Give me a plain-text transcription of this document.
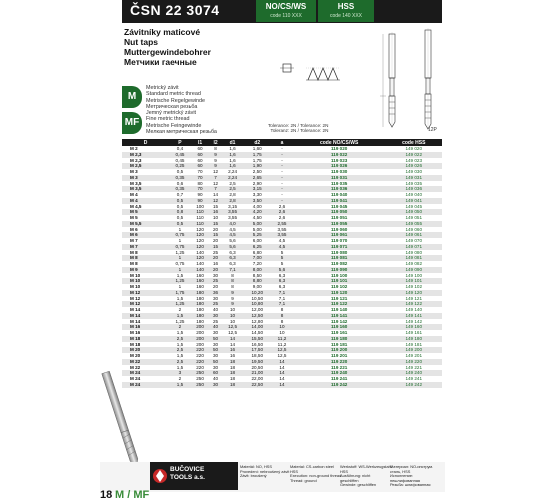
ČSN 22 3074	NO/CS/WS
code 110 XXX
HSS
code 140 XXX
Závitníky maticové
Nut taps
Muttergewindebohrer
Метчики гаечные
M
Metrický závit
Standard metric thread
Metrische Regelgewinde
Метрическая резьба
MF
Jemný metrický závit
Fine metric thread
Metrische Feingewinde
Мелкая метрическая резьба
Tolerance: 2N / Tolerance: 2N
Toleranz: 2N / Tolerance: 2N	12P
D	P	l1	l2	d1	d2	a	code NO/CS/WS	code HSS
M 2	0,4	60	8	1,6	1,60	-	119 020	149 020
M 2,3	0,45	60	9	1,6	1,75	-	119 022	149 022
M 2,3	0,45	60	9	1,6	1,75	-	119 023	149 023
M 2,5	0,25	60	9	1,6	1,90	-	119 026	149 026
M 3	0,5	70	12	2,24	2,50	-	119 030	149 030
M 3	0,35	70	7	2,24	2,65	-	119 031	149 031
M 3,5	0,6	80	12	2,5	2,90	-	119 035	149 035
M 3,5	0,35	70	7	2,5	3,15	-	119 036	149 036
M 4	0,7	90	14	2,8	3,30	-	119 040	149 040
M 4	0,5	90	12	2,8	3,50	-	119 041	149 041
M 4,5	0,5	100	15	3,15	4,00	2,6	119 045	149 045
M 5	0,8	110	16	3,55	4,20	2,6	119 050	149 050
M 5	0,5	110	10	3,55	4,50	2,6	119 051	149 051
M 5,5	0,5	110	15	4,0	5,00	2,55	119 055	149 055
M 6	1	120	20	4,5	5,00	3,55	119 060	149 060
M 6	0,75	120	15	4,5	5,25	3,55	119 061	149 061
M 7	1	120	20	5,6	6,00	4,5	119 070	149 070
M 7	0,75	120	15	5,6	6,25	4,5	119 071	149 071
M 8	1,25	140	25	6,3	6,80	5	119 080	149 080
M 8	1	120	20	6,3	7,00	5	119 081	149 081
M 8	0,75	140	16	6,3	7,20	5	119 082	149 082
M 9	1	140	20	7,1	8,00	5,6	119 090	149 090
M 10	1,5	160	30	8	8,50	6,3	119 100	149 100
M 10	1,25	160	25	8	8,80	6,3	119 101	149 101
M 10	1	160	20	8	9,00	6,3	119 102	149 102
M 12	1,75	180	36	9	10,20	7,1	119 120	149 120
M 12	1,5	180	30	9	10,50	7,1	119 121	149 121
M 12	1,25	180	25	9	10,80	7,1	119 122	149 122
M 14	2	180	40	10	12,00	8	119 140	149 140
M 14	1,5	180	30	10	12,50	8	119 141	149 141
M 14	1,25	180	25	10	12,80	8	119 142	149 142
M 16	2	200	40	12,5	14,00	10	119 160	149 160
M 16	1,5	200	30	12,5	14,50	10	119 161	149 161
M 18	2,5	200	50	14	15,50	11,2	119 180	149 180
M 18	1,5	200	30	14	16,50	11,2	119 181	149 181
M 20	2,5	220	50	16	17,50	12,5	119 200	149 200
M 20	1,5	220	30	16	18,50	12,5	119 201	149 201
M 22	2,5	220	50	18	19,50	14	119 220	149 220
M 22	1,5	220	30	18	20,50	14	119 221	149 221
M 24	3	250	60	18	21,00	14	119 240	149 240
M 24	2	250	40	18	22,00	14	119 241	149 241
M 24	1,5	250	30	18	22,50	14	119 242	149 242
BUČOVICE
TOOLS a.s.
Materiál: NO, HSS
Provedení: nebroušený závit
Závit: broušený
Material: CS-carbon steel
HSS
Execution: non-ground thread
Thread: ground
Werkstoff: WS-Werkzeugstahl
HSS
Ausführung: nicht
geschliffen
Gewinde: geschliffen
Материал: NO-инструм.
сталь, HSS
Исполнение:
нешлифованная
Резьба: шлифованная
18 M / MF
